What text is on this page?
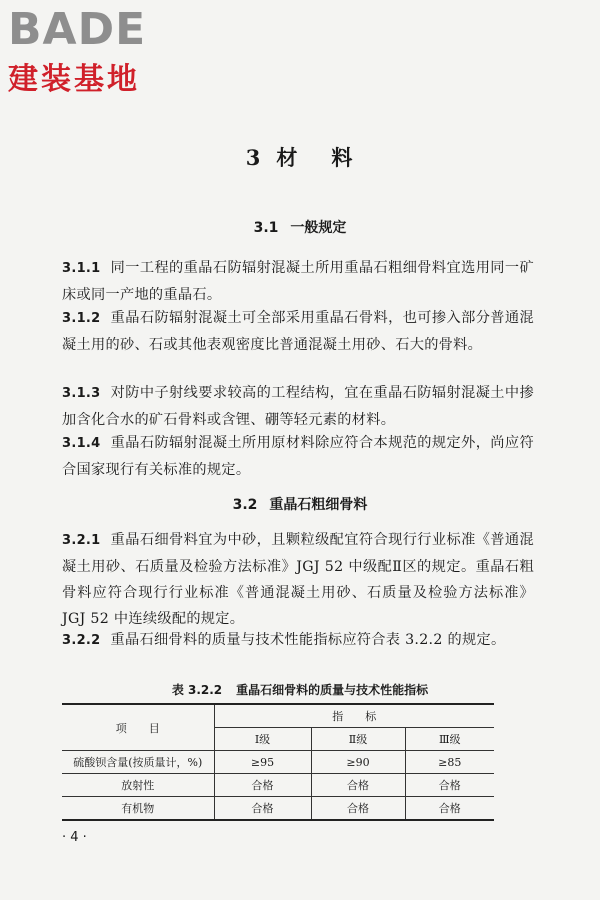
BADE
建装基地
3 材 料
3.1 一般规定
3.1.1 同一工程的重晶石防辐射混凝土所用重晶石粗细骨料宜选用同一矿床或同一产地的重晶石。
3.1.2 重晶石防辐射混凝土可全部采用重晶石骨料，也可掺入部分普通混凝土用的砂、石或其他表观密度比普通混凝土用砂、石大的骨料。
3.1.3 对防中子射线要求较高的工程结构，宜在重晶石防辐射混凝土中掺加含化合水的矿石骨料或含锂、硼等轻元素的材料。
3.1.4 重晶石防辐射混凝土所用原材料除应符合本规范的规定外，尚应符合国家现行有关标准的规定。
3.2 重晶石粗细骨料
3.2.1 重晶石细骨料宜为中砂，且颗粒级配宜符合现行行业标准《普通混凝土用砂、石质量及检验方法标准》JGJ 52 中级配Ⅱ区的规定。重晶石粗骨料应符合现行行业标准《普通混凝土用砂、石质量及检验方法标准》JGJ 52 中连续级配的规定。
3.2.2 重晶石细骨料的质量与技术性能指标应符合表 3.2.2 的规定。
表 3.2.2 重晶石细骨料的质量与技术性能指标
项　　目	指　　标		
	Ⅰ级	Ⅱ级	Ⅲ级
硫酸钡含量(按质量计，%)	≥95	≥90	≥85
放射性	合格	合格	合格
有机物	合格	合格	合格
· 4 ·
